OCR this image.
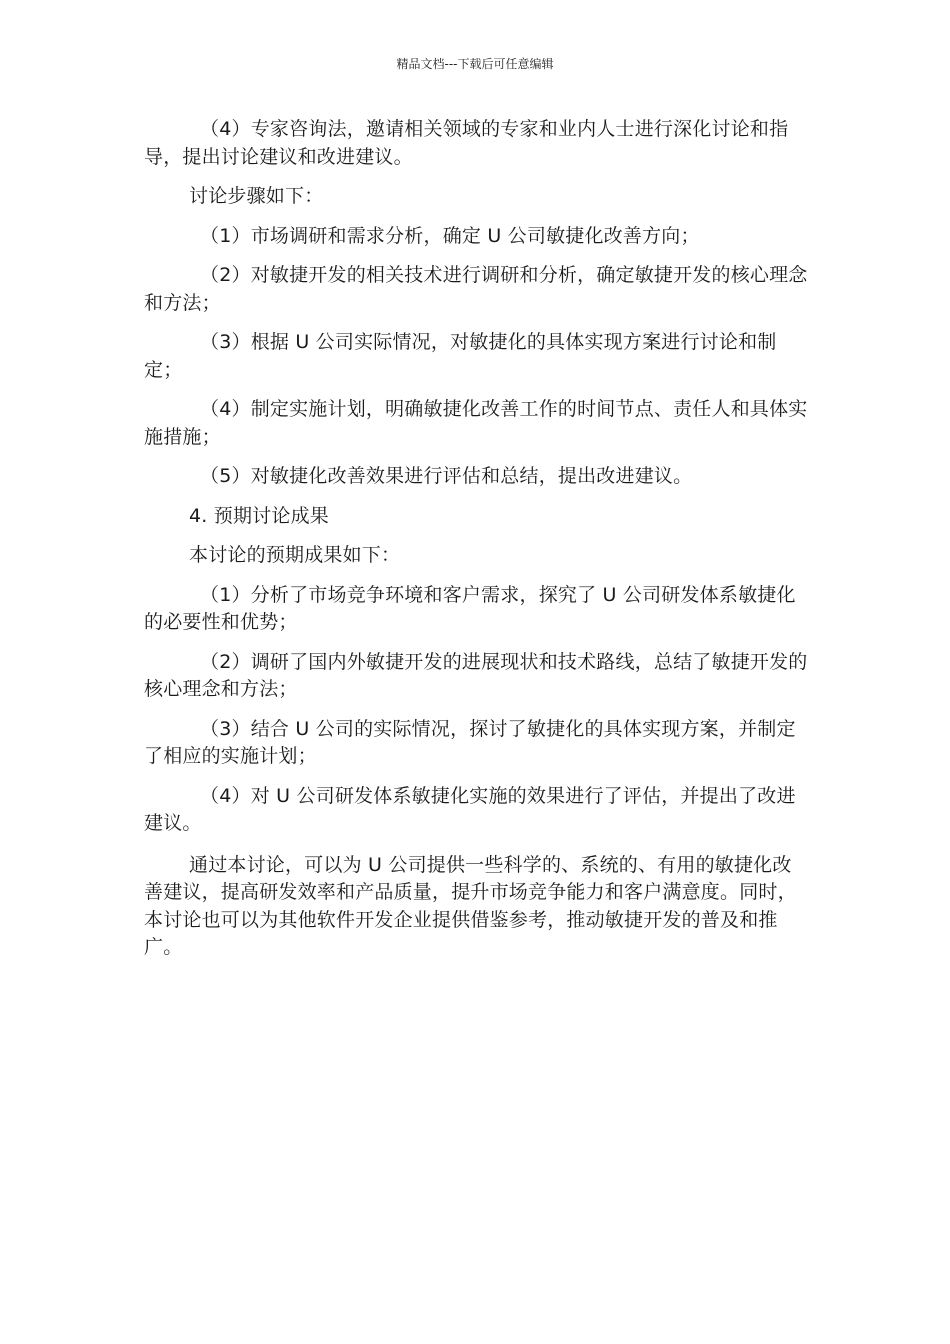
精品文档---下载后可任意编辑

（4）专家咨询法，邀请相关领域的专家和业内人士进行深化讨论和指导，提出讨论建议和改进建议。

讨论步骤如下：

（1）市场调研和需求分析，确定 U 公司敏捷化改善方向；

（2）对敏捷开发的相关技术进行调研和分析，确定敏捷开发的核心理念和方法；

（3）根据 U 公司实际情况，对敏捷化的具体实现方案进行讨论和制定；

（4）制定实施计划，明确敏捷化改善工作的时间节点、责任人和具体实施措施；

（5）对敏捷化改善效果进行评估和总结，提出改进建议。

4. 预期讨论成果

本讨论的预期成果如下：

（1）分析了市场竞争环境和客户需求，探究了 U 公司研发体系敏捷化的必要性和优势；

（2）调研了国内外敏捷开发的进展现状和技术路线，总结了敏捷开发的核心理念和方法；

（3）结合 U 公司的实际情况，探讨了敏捷化的具体实现方案，并制定了相应的实施计划；

（4）对 U 公司研发体系敏捷化实施的效果进行了评估，并提出了改进建议。

通过本讨论，可以为 U 公司提供一些科学的、系统的、有用的敏捷化改善建议，提高研发效率和产品质量，提升市场竞争能力和客户满意度。同时，本讨论也可以为其他软件开发企业提供借鉴参考，推动敏捷开发的普及和推广。
